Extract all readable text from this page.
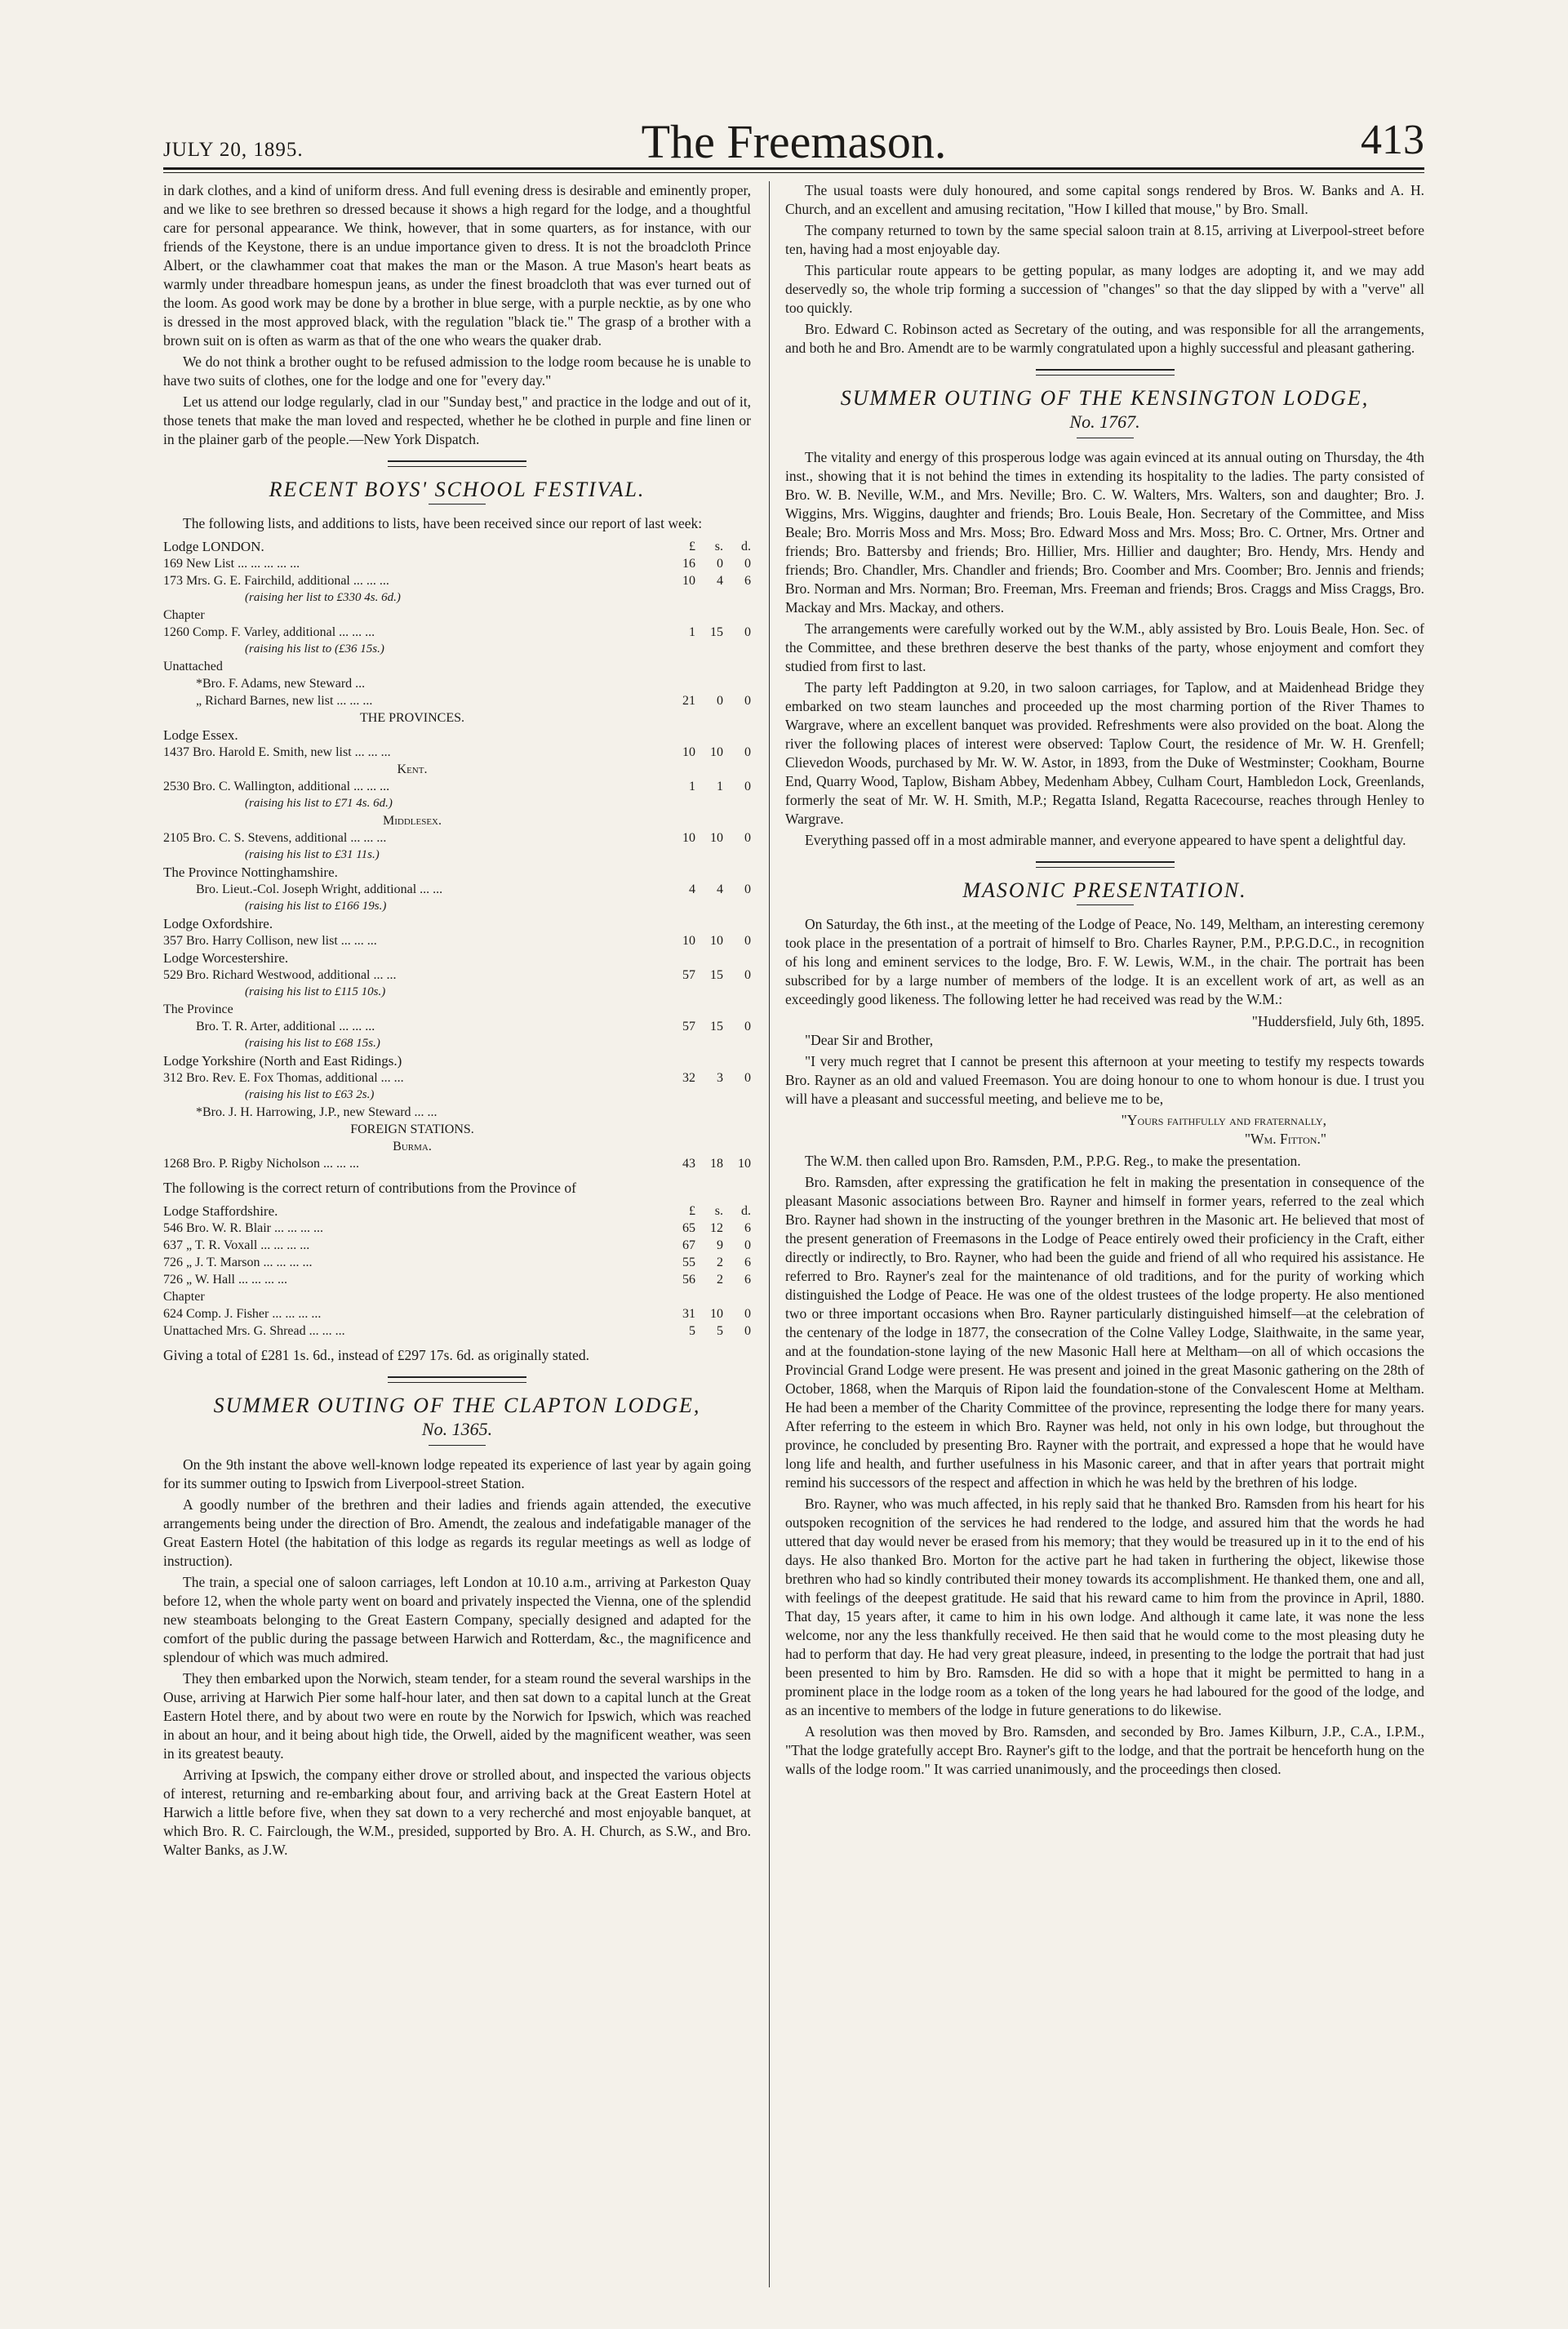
JULY 20, 1895.	The Freemason.	413

in dark clothes, and a kind of uniform dress. And full evening dress is desirable and eminently proper, and we like to see brethren so dressed because it shows a high regard for the lodge, and a thoughtful care for personal appearance. We think, however, that in some quarters, as for instance, with our friends of the Keystone, there is an undue importance given to dress. It is not the broadcloth Prince Albert, or the clawhammer coat that makes the man or the Mason. A true Mason's heart beats as warmly under threadbare homespun jeans, as under the finest broadcloth that was ever turned out of the loom. As good work may be done by a brother in blue serge, with a purple necktie, as by one who is dressed in the most approved black, with the regulation "black tie." The grasp of a brother with a brown suit on is often as warm as that of the one who wears the quaker drab.

We do not think a brother ought to be refused admission to the lodge room because he is unable to have two suits of clothes, one for the lodge and one for "every day."

Let us attend our lodge regularly, clad in our "Sunday best," and practice in the lodge and out of it, those tenets that make the man loved and respected, whether he be clothed in purple and fine linen or in the plainer garb of the people.—New York Dispatch.

RECENT BOYS' SCHOOL FESTIVAL.

The following lists, and additions to lists, have been received since our report of last week:

Lodge LONDON.	£	s.	d.
169 New List ... ... ... ... ...	16	0	0
173 Mrs. G. E. Fairchild, additional ... ... ...	10	4	6
(raising her list to £330 4s. 6d.)
Chapter
1260 Comp. F. Varley, additional ... ... ...	1	15	0
(raising his list to (£36 15s.)
Unattached
*Bro. F. Adams, new Steward ...
„ Richard Barnes, new list ... ... ...	21	0	0
THE PROVINCES.
Lodge Essex.
1437 Bro. Harold E. Smith, new list ... ... ...	10	10	0
Kent.
2530 Bro. C. Wallington, additional ... ... ...	1	1	0
(raising his list to £71 4s. 6d.)
Middlesex.
2105 Bro. C. S. Stevens, additional ... ... ...	10	10	0
(raising his list to £31 11s.)
The Province Nottinghamshire.
Bro. Lieut.-Col. Joseph Wright, additional ... ...	4	4	0
(raising his list to £166 19s.)
Lodge Oxfordshire.
357 Bro. Harry Collison, new list ... ... ...	10	10	0
Lodge Worcestershire.
529 Bro. Richard Westwood, additional ... ...	57	15	0
(raising his list to £115 10s.)
The Province
Bro. T. R. Arter, additional ... ... ...	57	15	0
(raising his list to £68 15s.)
Lodge Yorkshire (North and East Ridings.)
312 Bro. Rev. E. Fox Thomas, additional ... ...	32	3	0
(raising his list to £63 2s.)
*Bro. J. H. Harrowing, J.P., new Steward ... ...
FOREIGN STATIONS.
Burma.
1268 Bro. P. Rigby Nicholson ... ... ...	43	18	10

The following is the correct return of contributions from the Province of

Lodge Staffordshire.	£	s.	d.
546 Bro. W. R. Blair ... ... ... ...	65	12	6
637 „ T. R. Voxall ... ... ... ...	67	9	0
726 „ J. T. Marson ... ... ... ...	55	2	6
726 „ W. Hall ... ... ... ...	56	2	6
Chapter
624 Comp. J. Fisher ... ... ... ...	31	10	0
Unattached Mrs. G. Shread ... ... ...	5	5	0

Giving a total of £281 1s. 6d., instead of £297 17s. 6d. as originally stated.

SUMMER OUTING OF THE CLAPTON LODGE,
No. 1365.

On the 9th instant the above well-known lodge repeated its experience of last year by again going for its summer outing to Ipswich from Liverpool-street Station.

A goodly number of the brethren and their ladies and friends again attended, the executive arrangements being under the direction of Bro. Amendt, the zealous and indefatigable manager of the Great Eastern Hotel (the habitation of this lodge as regards its regular meetings as well as lodge of instruction).

The train, a special one of saloon carriages, left London at 10.10 a.m., arriving at Parkeston Quay before 12, when the whole party went on board and privately inspected the Vienna, one of the splendid new steamboats belonging to the Great Eastern Company, specially designed and adapted for the comfort of the public during the passage between Harwich and Rotterdam, &c., the magnificence and splendour of which was much admired.

They then embarked upon the Norwich, steam tender, for a steam round the several warships in the Ouse, arriving at Harwich Pier some half-hour later, and then sat down to a capital lunch at the Great Eastern Hotel there, and by about two were en route by the Norwich for Ipswich, which was reached in about an hour, and it being about high tide, the Orwell, aided by the magnificent weather, was seen in its greatest beauty.

Arriving at Ipswich, the company either drove or strolled about, and inspected the various objects of interest, returning and re-embarking about four, and arriving back at the Great Eastern Hotel at Harwich a little before five, when they sat down to a very recherché and most enjoyable banquet, at which Bro. R. C. Fairclough, the W.M., presided, supported by Bro. A. H. Church, as S.W., and Bro. Walter Banks, as J.W.

The usual toasts were duly honoured, and some capital songs rendered by Bros. W. Banks and A. H. Church, and an excellent and amusing recitation, "How I killed that mouse," by Bro. Small.

The company returned to town by the same special saloon train at 8.15, arriving at Liverpool-street before ten, having had a most enjoyable day.

This particular route appears to be getting popular, as many lodges are adopting it, and we may add deservedly so, the whole trip forming a succession of "changes" so that the day slipped by with a "verve" all too quickly.

Bro. Edward C. Robinson acted as Secretary of the outing, and was responsible for all the arrangements, and both he and Bro. Amendt are to be warmly congratulated upon a highly successful and pleasant gathering.

SUMMER OUTING OF THE KENSINGTON LODGE,
No. 1767.

The vitality and energy of this prosperous lodge was again evinced at its annual outing on Thursday, the 4th inst., showing that it is not behind the times in extending its hospitality to the ladies. The party consisted of Bro. W. B. Neville, W.M., and Mrs. Neville; Bro. C. W. Walters, Mrs. Walters, son and daughter; Bro. J. Wiggins, Mrs. Wiggins, daughter and friends; Bro. Louis Beale, Hon. Secretary of the Committee, and Miss Beale; Bro. Morris Moss and Mrs. Moss; Bro. Edward Moss and Mrs. Moss; Bro. C. Ortner, Mrs. Ortner and friends; Bro. Battersby and friends; Bro. Hillier, Mrs. Hillier and daughter; Bro. Hendy, Mrs. Hendy and friends; Bro. Chandler, Mrs. Chandler and friends; Bro. Coomber and Mrs. Coomber; Bro. Jennis and friends; Bro. Norman and Mrs. Norman; Bro. Freeman, Mrs. Freeman and friends; Bros. Craggs and Miss Craggs, Bro. Mackay and Mrs. Mackay, and others.

The arrangements were carefully worked out by the W.M., ably assisted by Bro. Louis Beale, Hon. Sec. of the Committee, and these brethren deserve the best thanks of the party, whose enjoyment and comfort they studied from first to last.

The party left Paddington at 9.20, in two saloon carriages, for Taplow, and at Maidenhead Bridge they embarked on two steam launches and proceeded up the most charming portion of the River Thames to Wargrave, where an excellent banquet was provided. Refreshments were also provided on the boat. Along the river the following places of interest were observed: Taplow Court, the residence of Mr. W. H. Grenfell; Clievedon Woods, purchased by Mr. W. W. Astor, in 1893, from the Duke of Westminster; Cookham, Bourne End, Quarry Wood, Taplow, Bisham Abbey, Medenham Abbey, Culham Court, Hambledon Lock, Greenlands, formerly the seat of Mr. W. H. Smith, M.P.; Regatta Island, Regatta Racecourse, reaches through Henley to Wargrave.

Everything passed off in a most admirable manner, and everyone appeared to have spent a delightful day.

MASONIC PRESENTATION.

On Saturday, the 6th inst., at the meeting of the Lodge of Peace, No. 149, Meltham, an interesting ceremony took place in the presentation of a portrait of himself to Bro. Charles Rayner, P.M., P.P.G.D.C., in recognition of his long and eminent services to the lodge, Bro. F. W. Lewis, W.M., in the chair. The portrait has been subscribed for by a large number of members of the lodge. It is an excellent work of art, as well as an exceedingly good likeness. The following letter he had received was read by the W.M.:

"Huddersfield, July 6th, 1895.

"Dear Sir and Brother,

"I very much regret that I cannot be present this afternoon at your meeting to testify my respects towards Bro. Rayner as an old and valued Freemason. You are doing honour to one to whom honour is due. I trust you will have a pleasant and successful meeting, and believe me to be,

"Yours faithfully and fraternally,
"Wm. Fitton."

The W.M. then called upon Bro. Ramsden, P.M., P.P.G. Reg., to make the presentation.

Bro. Ramsden, after expressing the gratification he felt in making the presentation in consequence of the pleasant Masonic associations between Bro. Rayner and himself in former years, referred to the zeal which Bro. Rayner had shown in the instructing of the younger brethren in the Masonic art. He believed that most of the present generation of Freemasons in the Lodge of Peace entirely owed their proficiency in the Craft, either directly or indirectly, to Bro. Rayner, who had been the guide and friend of all who required his assistance. He referred to Bro. Rayner's zeal for the maintenance of old traditions, and for the purity of working which distinguished the Lodge of Peace. He was one of the oldest trustees of the lodge property. He also mentioned two or three important occasions when Bro. Rayner particularly distinguished himself—at the celebration of the centenary of the lodge in 1877, the consecration of the Colne Valley Lodge, Slaithwaite, in the same year, and at the foundation-stone laying of the new Masonic Hall here at Meltham—on all of which occasions the Provincial Grand Lodge were present. He was present and joined in the great Masonic gathering on the 28th of October, 1868, when the Marquis of Ripon laid the foundation-stone of the Convalescent Home at Meltham. He had been a member of the Charity Committee of the province, representing the lodge there for many years. After referring to the esteem in which Bro. Rayner was held, not only in his own lodge, but throughout the province, he concluded by presenting Bro. Rayner with the portrait, and expressed a hope that he would have long life and health, and further usefulness in his Masonic career, and that in after years that portrait might remind his successors of the respect and affection in which he was held by the brethren of his lodge.

Bro. Rayner, who was much affected, in his reply said that he thanked Bro. Ramsden from his heart for his outspoken recognition of the services he had rendered to the lodge, and assured him that the words he had uttered that day would never be erased from his memory; that they would be treasured up in it to the end of his days. He also thanked Bro. Morton for the active part he had taken in furthering the object, likewise those brethren who had so kindly contributed their money towards its accomplishment. He thanked them, one and all, with feelings of the deepest gratitude. He said that his reward came to him from the province in April, 1880. That day, 15 years after, it came to him in his own lodge. And although it came late, it was none the less welcome, nor any the less thankfully received. He then said that he would come to the most pleasing duty he had to perform that day. He had very great pleasure, indeed, in presenting to the lodge the portrait that had just been presented to him by Bro. Ramsden. He did so with a hope that it might be permitted to hang in a prominent place in the lodge room as a token of the long years he had laboured for the good of the lodge, and as an incentive to members of the lodge in future generations to do likewise.

A resolution was then moved by Bro. Ramsden, and seconded by Bro. James Kilburn, J.P., C.A., I.P.M., "That the lodge gratefully accept Bro. Rayner's gift to the lodge, and that the portrait be henceforth hung on the walls of the lodge room." It was carried unanimously, and the proceedings then closed.
